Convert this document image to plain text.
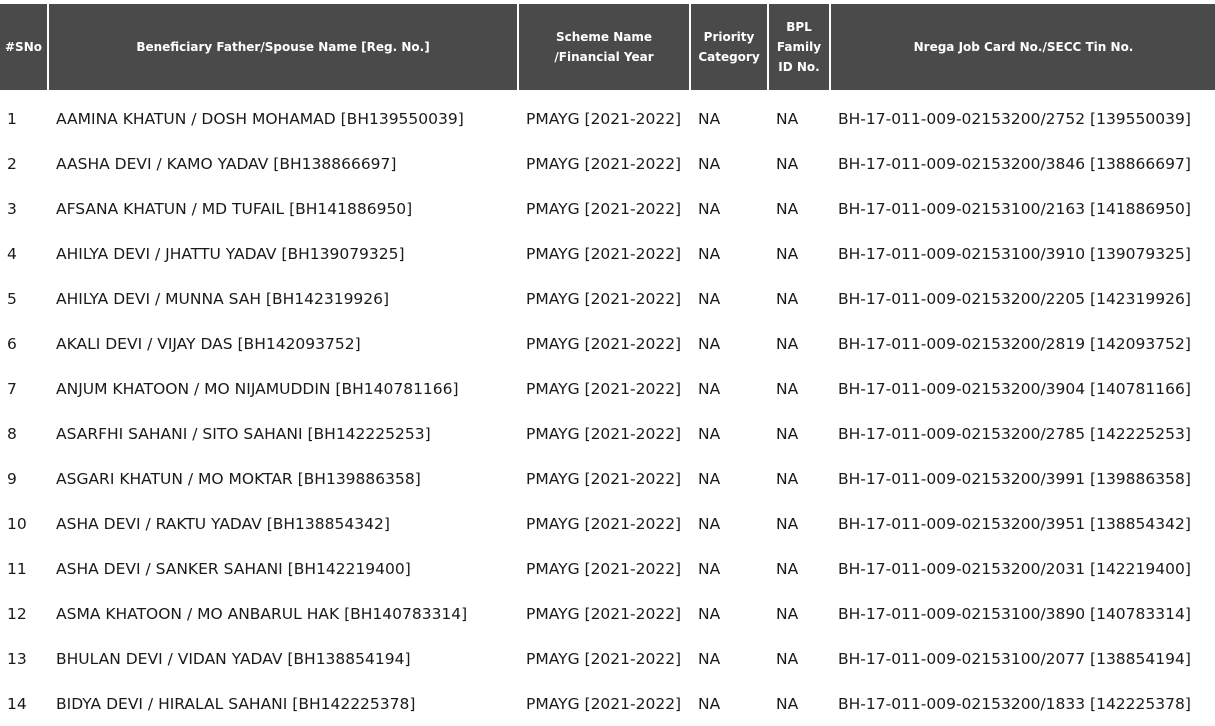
#SNo	Beneficiary Father/Spouse Name [Reg. No.]	Scheme Name /Financial Year	Priority Category	BPL Family ID No.	Nrega Job Card No./SECC Tin No.
1	AAMINA KHATUN / DOSH MOHAMAD [BH139550039]	PMAYG [2021-2022]	NA	NA	BH-17-011-009-02153200/2752 [139550039]
2	AASHA DEVI / KAMO YADAV [BH138866697]	PMAYG [2021-2022]	NA	NA	BH-17-011-009-02153200/3846 [138866697]
3	AFSANA KHATUN / MD TUFAIL [BH141886950]	PMAYG [2021-2022]	NA	NA	BH-17-011-009-02153100/2163 [141886950]
4	AHILYA DEVI / JHATTU YADAV [BH139079325]	PMAYG [2021-2022]	NA	NA	BH-17-011-009-02153100/3910 [139079325]
5	AHILYA DEVI / MUNNA SAH [BH142319926]	PMAYG [2021-2022]	NA	NA	BH-17-011-009-02153200/2205 [142319926]
6	AKALI DEVI / VIJAY DAS [BH142093752]	PMAYG [2021-2022]	NA	NA	BH-17-011-009-02153200/2819 [142093752]
7	ANJUM KHATOON / MO NIJAMUDDIN [BH140781166]	PMAYG [2021-2022]	NA	NA	BH-17-011-009-02153200/3904 [140781166]
8	ASARFHI SAHANI / SITO SAHANI [BH142225253]	PMAYG [2021-2022]	NA	NA	BH-17-011-009-02153200/2785 [142225253]
9	ASGARI KHATUN / MO MOKTAR [BH139886358]	PMAYG [2021-2022]	NA	NA	BH-17-011-009-02153200/3991 [139886358]
10	ASHA DEVI / RAKTU YADAV [BH138854342]	PMAYG [2021-2022]	NA	NA	BH-17-011-009-02153200/3951 [138854342]
11	ASHA DEVI / SANKER SAHANI [BH142219400]	PMAYG [2021-2022]	NA	NA	BH-17-011-009-02153200/2031 [142219400]
12	ASMA KHATOON / MO ANBARUL HAK [BH140783314]	PMAYG [2021-2022]	NA	NA	BH-17-011-009-02153100/3890 [140783314]
13	BHULAN DEVI / VIDAN YADAV [BH138854194]	PMAYG [2021-2022]	NA	NA	BH-17-011-009-02153100/2077 [138854194]
14	BIDYA DEVI / HIRALAL SAHANI [BH142225378]	PMAYG [2021-2022]	NA	NA	BH-17-011-009-02153200/1833 [142225378]
